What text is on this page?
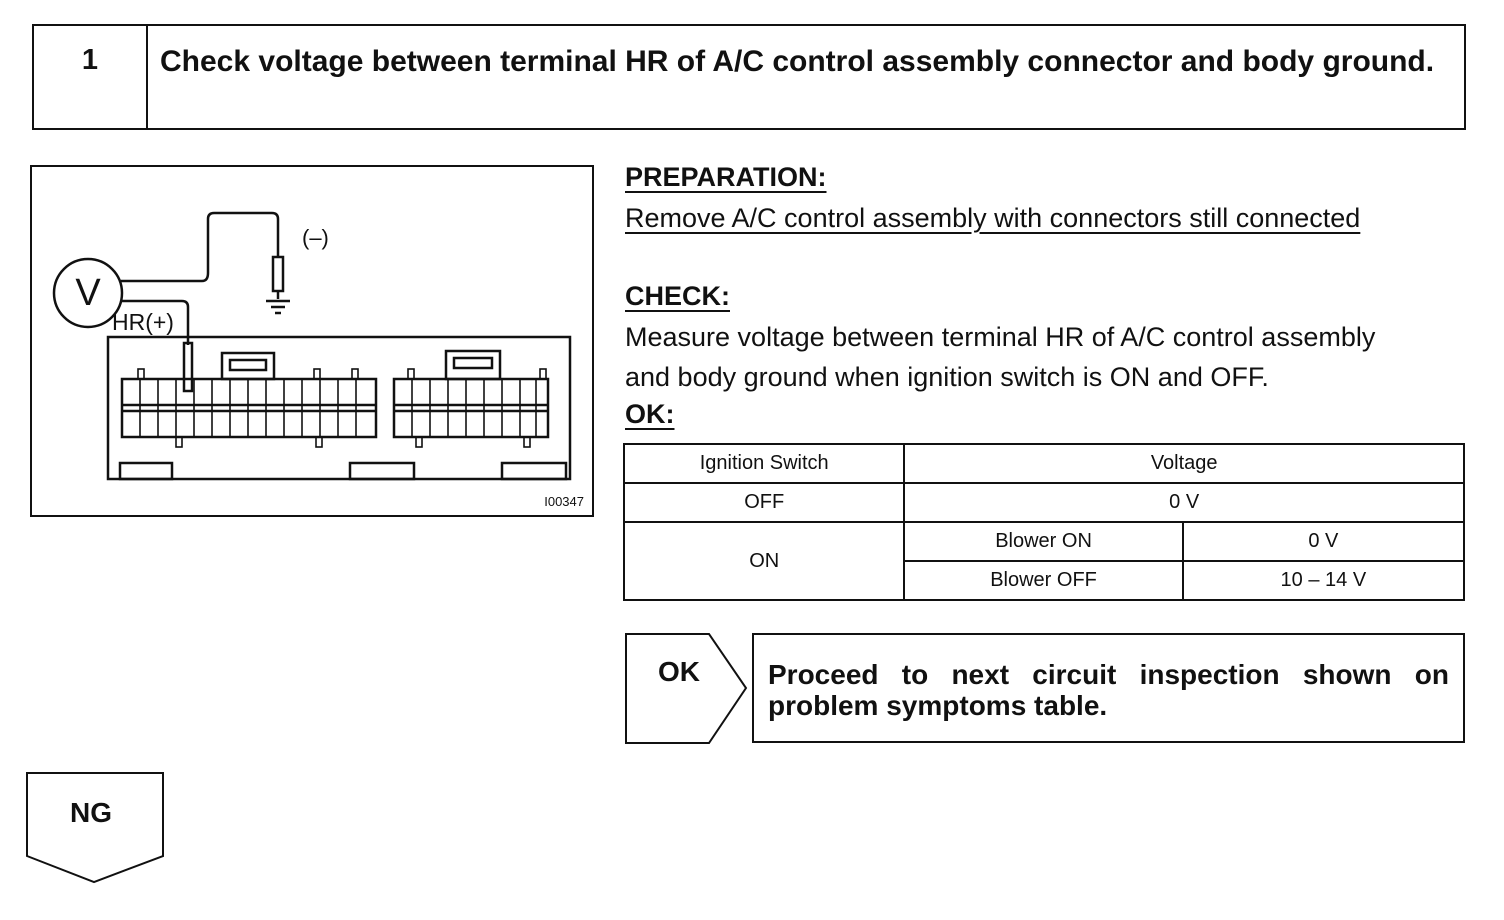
1	Check voltage between terminal HR of A/C control assembly connector and body ground.
V
(–)
HR(+)
I00347
PREPARATION:
Remove A/C control assembly with connectors still connected
CHECK:
Measure voltage between terminal HR of A/C control assembly
and body ground when ignition switch is ON and OFF.
OK:
Ignition Switch	Voltage	
OFF	0 V	
ON	Blower ON	0 V
	Blower OFF	10 – 14 V
OK	Proceed to next circuit inspection shown on problem symptoms table.
NG
